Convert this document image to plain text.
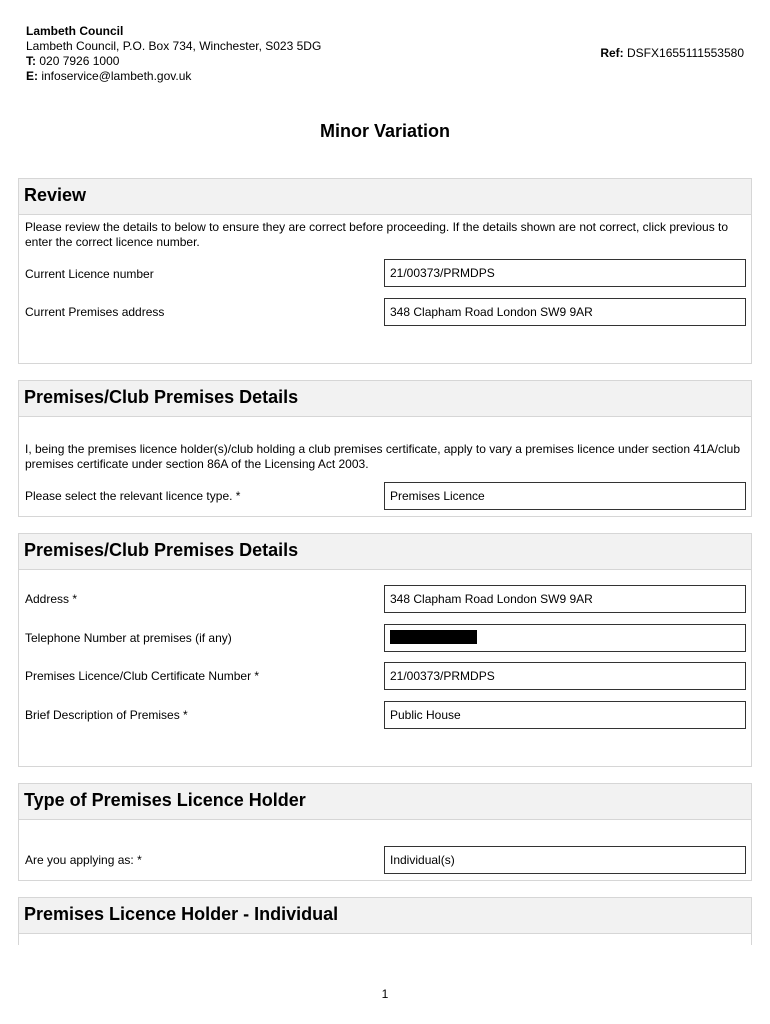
Lambeth Council
Lambeth Council, P.O. Box 734, Winchester, S023 5DG
T: 020 7926 1000
E: infoservice@lambeth.gov.uk
Ref: DSFX1655111553580
Minor Variation
Review
Please review the details to below to ensure they are correct before proceeding. If the details shown are not correct, click previous to enter the correct licence number.
Current Licence number	21/00373/PRMDPS
Current Premises address	348 Clapham Road London SW9 9AR
Premises/Club Premises Details
I, being the premises licence holder(s)/club holding a club premises certificate, apply to vary a premises licence under section 41A/club premises certificate under section 86A of the Licensing Act 2003.
Please select the relevant licence type. *	Premises Licence
Premises/Club Premises Details
Address *	348 Clapham Road London SW9 9AR
Telephone Number at premises (if any)
Premises Licence/Club Certificate Number *	21/00373/PRMDPS
Brief Description of Premises *	Public House
Type of Premises Licence Holder
Are you applying as: *	Individual(s)
Premises Licence Holder - Individual
1
